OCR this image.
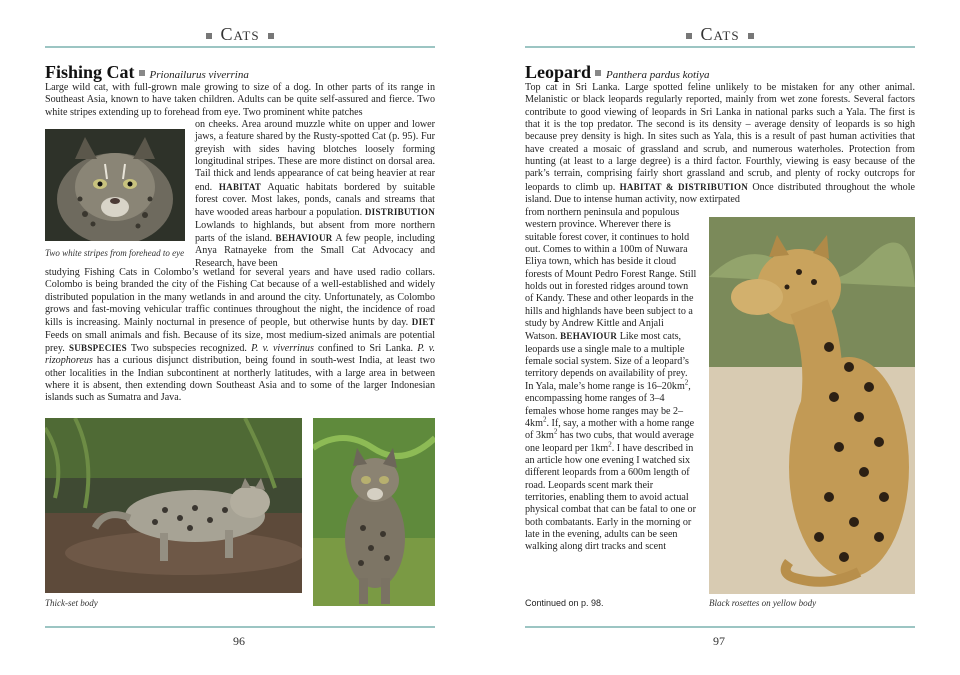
Cats
Fishing Cat Prionailurus viverrina

Large wild cat, with full-grown male growing to size of a dog. In other parts of its range in Southeast Asia, known to have taken children. Adults can be quite self-assured and fierce. Two white stripes extending up to forehead from eye. Two prominent white patches

Two white stripes from forehead to eye

on cheeks. Area around muzzle white on upper and lower jaws, a feature shared by the Rusty-spotted Cat (p. 95). Fur greyish with sides having blotches loosely forming longitudinal stripes. These are more distinct on dorsal area. Tail thick and lends appearance of cat being heavier at rear end. HABITAT Aquatic habitats bordered by suitable forest cover. Most lakes, ponds, canals and streams that have wooded areas harbour a population. DISTRIBUTION Lowlands to highlands, but absent from more northern parts of the island. BEHAVIOUR A few people, including Anya Ratnayeke from the Small Cat Advocacy and Research, have been

studying Fishing Cats in Colombo’s wetland for several years and have used radio collars. Colombo is being branded the city of the Fishing Cat because of a well-established and widely distributed population in the many wetlands in and around the city. Unfortunately, as Colombo grows and fast-moving vehicular traffic continues throughout the night, the incidence of road kills is increasing. Mainly nocturnal in presence of people, but otherwise hunts by day. DIET Feeds on small animals and fish. Because of its size, most medium-sized animals are potential prey. SUBSPECIES Two subspecies recognized. P. v. viverrinus confined to Sri Lanka. P. v. rizophoreus has a curious disjunct distribution, being found in south-west India, at least two other localities in the Indian subcontinent at northerly latitudes, with a large area in between where it is absent, then extending down Southeast Asia and to some of the larger Indonesian islands such as Sumatra and Java.

Thick-set body
96
Cats
Leopard Panthera pardus kotiya

Top cat in Sri Lanka. Large spotted feline unlikely to be mistaken for any other animal. Melanistic or black leopards regularly reported, mainly from wet zone forests. Several factors contribute to good viewing of leopards in Sri Lanka in national parks such a Yala. The first is that it is the top predator. The second is its density – average density of leopards is so high because prey density is high. In sites such as Yala, this is a result of past human activities that have created a mosaic of grassland and scrub, and numerous waterholes. Protection from hunting (at least to a large degree) is a third factor. Fourthly, viewing is easy because of the park’s terrain, comprising fairly short grassland and scrub, and plenty of rocky outcrops for leopards to climb up. HABITAT & DISTRIBUTION Once distributed throughout the whole island. Due to intense human activity, now extirpated

from northern peninsula and populous western province. Wherever there is suitable forest cover, it continues to hold out. Comes to within a 100m of Nuwara Eliya town, which has beside it cloud forests of Mount Pedro Forest Range. Still holds out in forested ridges around town of Kandy. These and other leopards in the hills and highlands have been subject to a study by Andrew Kittle and Anjali Watson. BEHAVIOUR Like most cats, leopards use a single male to a multiple female social system. Size of a leopard’s territory depends on availability of prey. In Yala, male’s home range is $16-20km^2$, encompassing home ranges of 3–4 females whose home ranges may be $2-4km^2$. If, say, a mother with a home range of $3km^2$ has two cubs, that would average one leopard per $1km^2$. I have described in an article how one evening I watched six different leopards from a 600m length of road. Leopards scent mark their territories, enabling them to avoid actual physical combat that can be fatal to one or both combatants. Early in the morning or late in the evening, adults can be seen walking along dirt tracks and scent

Continued on p. 98.	Black rosettes on yellow body
97
